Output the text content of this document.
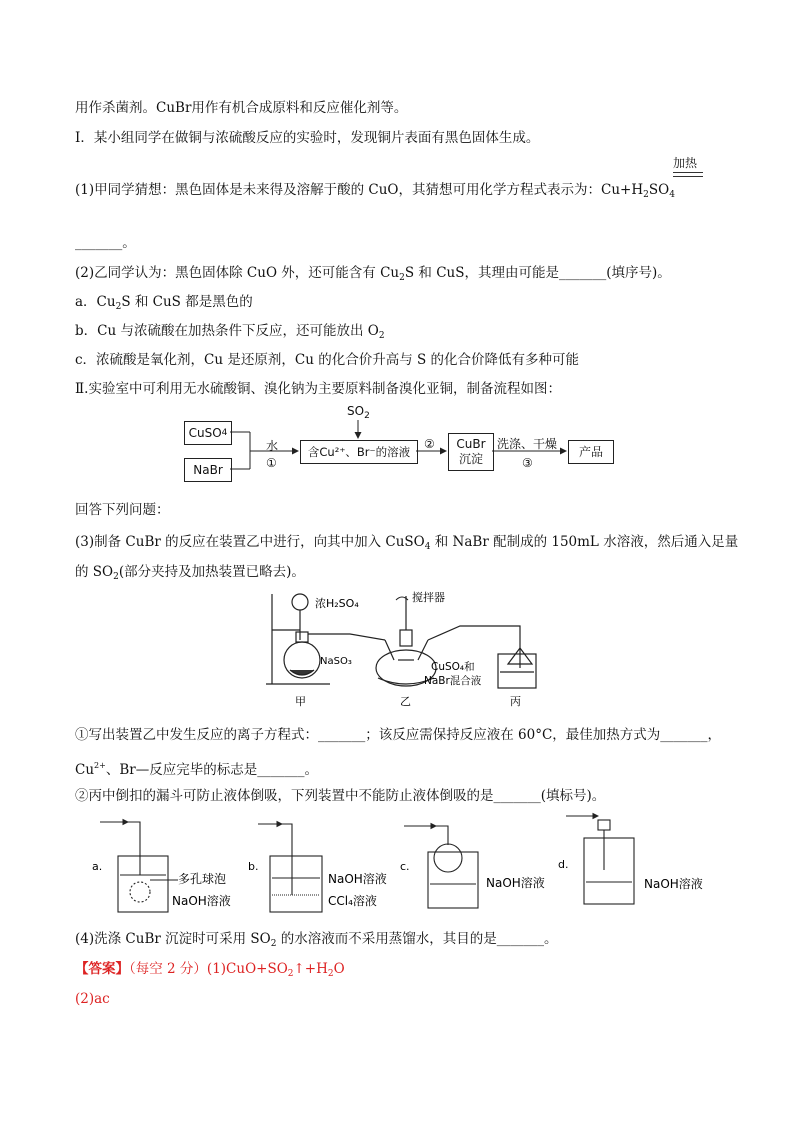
用作杀菌剂。CuBr用作有机合成原料和反应催化剂等。
Ⅰ．某小组同学在做铜与浓硫酸反应的实验时，发现铜片表面有黑色固体生成。
加热
(1)甲同学猜想：黑色固体是未来得及溶解于酸的 CuO，其猜想可用化学方程式表示为：$Cu+H_2SO_4$
_______。
(2)乙同学认为：黑色固体除 CuO 外，还可能含有 $Cu_2S$ 和 CuS，其理由可能是_______(填序号)。
a．$Cu_2S$ 和 CuS 都是黑色的
b．Cu 与浓硫酸在加热条件下反应，还可能放出 $O_2$
c．浓硫酸是氧化剂，Cu 是还原剂，Cu 的化合价升高与 S 的化合价降低有多种可能
Ⅱ.实验室中可利用无水硫酸铜、溴化钠为主要原料制备溴化亚铜，制备流程如图：
CuSO 4
NaBr
含Cu²⁺、Br⁻的溶液
CuBr
沉淀
产品
$SO_2$
水
①
②	洗涤、干燥
③
回答下列问题：
(3)制备 CuBr 的反应在装置乙中进行，向其中加入 CuSO$_4$ 和 NaBr 配制成的 150mL 水溶液，然后通入足量
的 $SO_2$(部分夹持及加热装置已略去)。
浓H₂SO₄	搅拌器
NaSO₃	CuSO₄和
NaBr混合液
甲	乙	丙
①写出装置乙中发生反应的离子方程式：_______；该反应需保持反应液在 60°C，最佳加热方式为_______，
$Cu^{2+}$、Br—反应完毕的标志是_______。
②丙中倒扣的漏斗可防止液体倒吸，下列装置中不能防止液体倒吸的是_______(填标号)。
a.
多孔球泡
NaOH溶液
b.
NaOH溶液
CCl₄溶液
c.
NaOH溶液
d.
NaOH溶液
(4)洗涤 CuBr 沉淀时可采用 $SO_2$ 的水溶液而不采用蒸馏水，其目的是_______。
【答案】（每空 2 分）$(1)CuO+SO_2↑+H_2O$
(2)ac
